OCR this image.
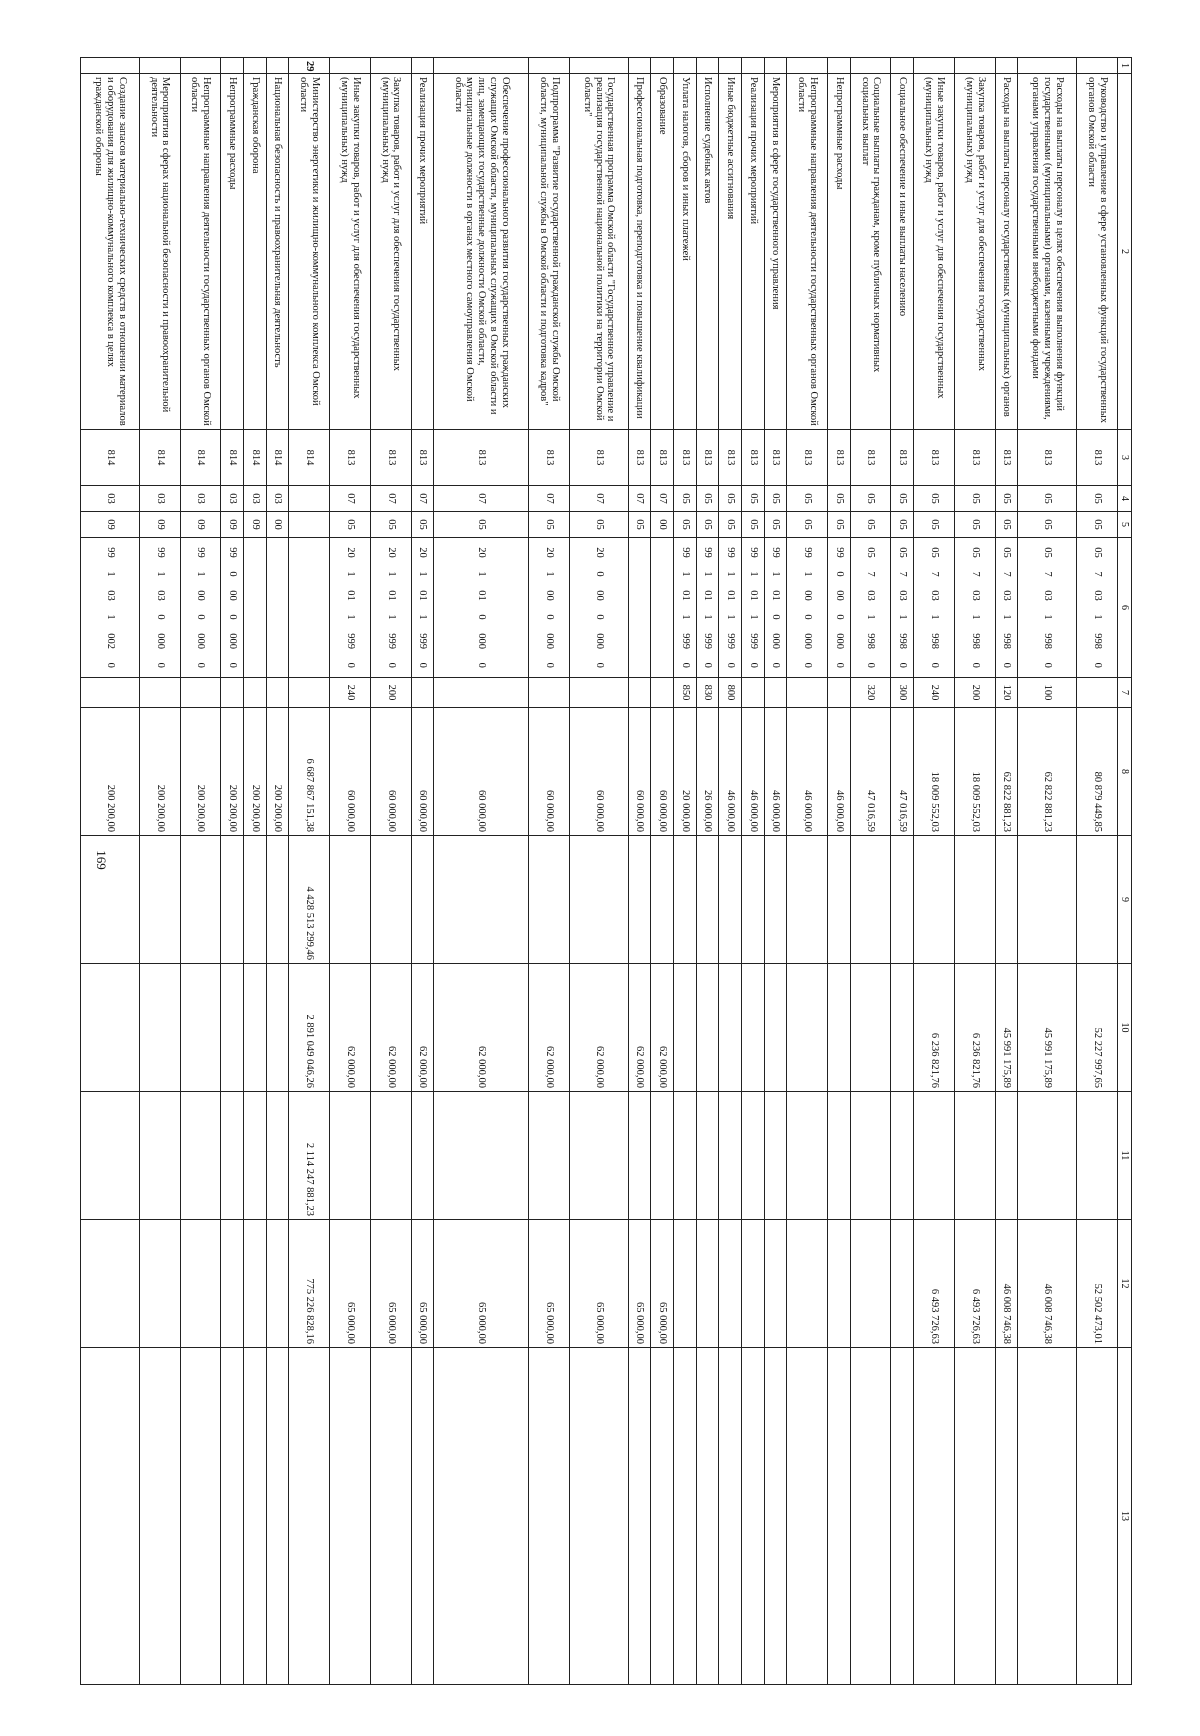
169
1	2	3	4	5	6	7	8	9	10	11	12	13
	Руководство и управление в сфере установленных функций государственных органов Омской области	813	05	05	05 7 03 1 998 0		80 879 449,85		52 227 997,65		52 502 473,01	
	Расходы на выплаты персоналу в целях обеспечения выполнения функций государственными (муниципальными) органами, казенными учреждениями, органами управления государственными внебюджетными фондами	813	05	05	05 7 03 1 998 0	100	62 822 881,23		45 991 175,89		46 008 746,38	
	Расходы на выплаты персоналу государственных (муниципальных) органов	813	05	05	05 7 03 1 998 0	120	62 822 881,23		45 991 175,89		46 008 746,38	
	Закупка товаров, работ и услуг для обеспечения государственных (муниципальных) нужд	813	05	05	05 7 03 1 998 0	200	18 009 552,03		6 236 821,76		6 493 726,63	
	Иные закупки товаров, работ и услуг для обеспечения государственных (муниципальных) нужд	813	05	05	05 7 03 1 998 0	240	18 009 552,03		6 236 821,76		6 493 726,63	
	Социальное обеспечение и иные выплаты населению	813	05	05	05 7 03 1 998 0	300	47 016,59					
	Социальные выплаты гражданам, кроме публичных нормативных социальных выплат	813	05	05	05 7 03 1 998 0	320	47 016,59					
	Непрограммные расходы	813	05	05	99 0 00 0 000 0		46 000,00					
	Непрограммные направления деятельности государственных органов Омской области	813	05	05	99 1 00 0 000 0		46 000,00					
	Мероприятия в сфере государственного управления	813	05	05	99 1 01 0 000 0		46 000,00					
	Реализация прочих мероприятий	813	05	05	99 1 01 1 999 0		46 000,00					
	Иные бюджетные ассигнования	813	05	05	99 1 01 1 999 0	800	46 000,00					
	Исполнение судебных актов	813	05	05	99 1 01 1 999 0	830	26 000,00					
	Уплата налогов, сборов и иных платежей	813	05	05	99 1 01 1 999 0	850	20 000,00					
	Образование	813	07	00			60 000,00		62 000,00		65 000,00	
	Профессиональная подготовка, переподготовка и повышение квалификации	813	07	05			60 000,00		62 000,00		65 000,00	
	Государственная программа Омской области "Государственное управление и реализация государственной национальной политики на территории Омской области"	813	07	05	20 0 00 0 000 0		60 000,00		62 000,00		65 000,00	
	Подпрограмма "Развитие государственной гражданской службы Омской области, муниципальной службы в Омской области и подготовка кадров"	813	07	05	20 1 00 0 000 0		60 000,00		62 000,00		65 000,00	
	Обеспечение профессионального развития государственных гражданских служащих Омской области, муниципальных служащих в Омской области и лиц, замещающих государственные должности Омской области, муниципальные должности в органах местного самоуправления Омской области	813	07	05	20 1 01 0 000 0		60 000,00		62 000,00		65 000,00	
	Реализация прочих мероприятий	813	07	05	20 1 01 1 999 0		60 000,00		62 000,00		65 000,00	
	Закупка товаров, работ и услуг для обеспечения государственных (муниципальных) нужд	813	07	05	20 1 01 1 999 0	200	60 000,00		62 000,00		65 000,00	
	Иные закупки товаров, работ и услуг для обеспечения государственных (муниципальных) нужд	813	07	05	20 1 01 1 999 0	240	60 000,00		62 000,00		65 000,00	
29	Министерство энергетики и жилищно-коммунального комплекса Омской области	814					6 687 867 151,38	4 428 513 299,46	2 891 049 046,26	2 114 247 881,23	775 226 828,16	
	Национальная безопасность и правоохранительная деятельность	814	03	00			200 200,00					
	Гражданская оборона	814	03	09			200 200,00					
	Непрограммные расходы	814	03	09	99 0 00 0 000 0		200 200,00					
	Непрограммные направления деятельности государственных органов Омской области	814	03	09	99 1 00 0 000 0		200 200,00					
	Мероприятия в сферах национальной безопасности и правоохранительной деятельности	814	03	09	99 1 03 0 000 0		200 200,00					
	Создание запасов материально-технических средств в отношении материалов и оборудования для жилищно-коммунального комплекса в целях гражданской обороны	814	03	09	99 1 03 1 002 0		200 200,00					
